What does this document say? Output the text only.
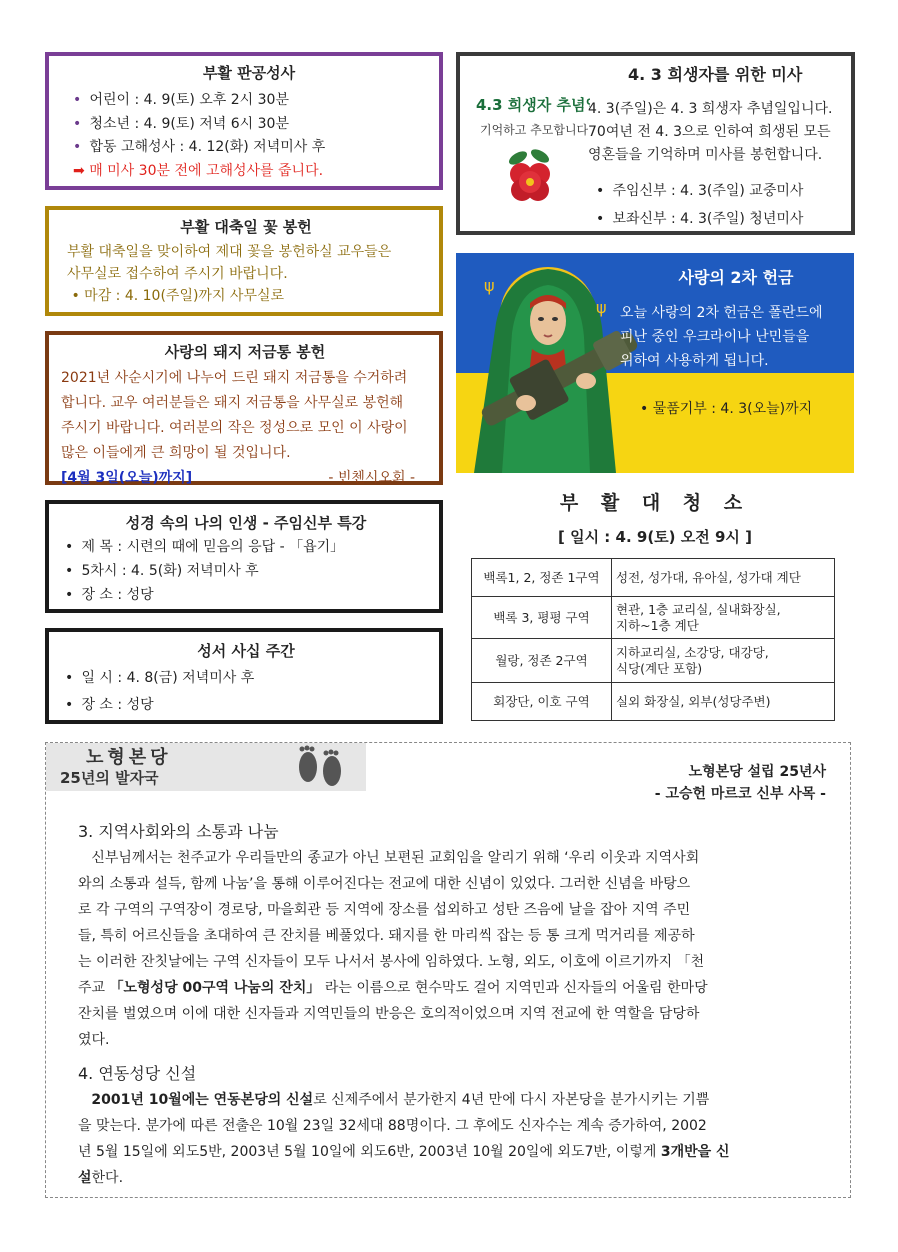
부활 판공성사
• 어린이 : 4. 9(토) 오후 2시 30분
• 청소년 : 4. 9(토) 저녁 6시 30분
• 합동 고해성사 : 4. 12(화) 저녁미사 후
➡ 매 미사 30분 전에 고해성사를 줍니다.
부활 대축일 꽃 봉헌
부활 대축일을 맞이하여 제대 꽃을 봉헌하실 교우들은
사무실로 접수하여 주시기 바랍니다.
• 마감 : 4. 10(주일)까지 사무실로
사랑의 돼지 저금통 봉헌
2021년 사순시기에 나누어 드린 돼지 저금통을 수거하려
합니다. 교우 여러분들은 돼지 저금통을 사무실로 봉헌해
주시기 바랍니다. 여러분의 작은 정성으로 모인 이 사랑이
많은 이들에게 큰 희망이 될 것입니다.
[4월 3일(오늘)까지]	- 빈첸시오회 -
성경 속의 나의 인생 - 주임신부 특강
• 제 목 : 시련의 때에 믿음의 응답 - 「욥기」
• 5차시 : 4. 5(화) 저녁미사 후
• 장 소 : 성당
성서 사십 주간
• 일 시 : 4. 8(금) 저녁미사 후
• 장 소 : 성당
4. 3 희생자를 위한 미사
4.3 희생자 추념일
기억하고 추모합니다
4. 3(주일)은 4. 3 희생자 추념일입니다.
70여년 전 4. 3으로 인하여 희생된 모든
영혼들을 기억하며 미사를 봉헌합니다.
• 주임신부 : 4. 3(주일) 교중미사
• 보좌신부 : 4. 3(주일) 청년미사
ψ
ψ
사랑의 2차 헌금
오늘 사랑의 2차 헌금은 폴란드에
피난 중인 우크라이나 난민들을
위하여 사용하게 됩니다.
• 물품기부 : 4. 3(오늘)까지
부 활 대 청 소
[ 일시 : 4. 9(토) 오전 9시 ]
백록1, 2, 정존 1구역	성전, 성가대, 유아실, 성가대 계단

백록 3, 평평 구역	현관, 1층 교리실, 실내화장실,
지하~1층 계단

월랑, 정존 2구역	지하교리실, 소강당, 대강당,
식당(계단 포함)

회장단, 이호 구역	실외 화장실, 외부(성당주변)
노형본당
25년의 발자국	노형본당 설립 25년사
- 고승헌 마르코 신부 사목 -
3. 지역사회와의 소통과 나눔
신부님께서는 천주교가 우리들만의 종교가 아닌 보편된 교회임을 알리기 위해 ‘우리 이웃과 지역사회
와의 소통과 설득, 함께 나눔’을 통해 이루어진다는 전교에 대한 신념이 있었다. 그러한 신념을 바탕으
로 각 구역의 구역장이 경로당, 마을회관 등 지역에 장소를 섭외하고 성탄 즈음에 날을 잡아 지역 주민
들, 특히 어르신들을 초대하여 큰 잔치를 베풀었다. 돼지를 한 마리씩 잡는 등 통 크게 먹거리를 제공하
는 이러한 잔칫날에는 구역 신자들이 모두 나서서 봉사에 임하였다. 노형, 외도, 이호에 이르기까지 「천
주교 「노형성당 00구역 나눔의 잔치」 라는 이름으로 현수막도 걸어 지역민과 신자들의 어울림 한마당
잔치를 벌였으며 이에 대한 신자들과 지역민들의 반응은 호의적이었으며 지역 전교에 한 역할을 담당하
였다.
4. 연동성당 신설
2001년 10월에는 연동본당의 신설로 신제주에서 분가한지 4년 만에 다시 자본당을 분가시키는 기쁨
을 맞는다. 분가에 따른 전출은 10월 23일 32세대 88명이다. 그 후에도 신자수는 계속 증가하여, 2002
년 5월 15일에 외도5반, 2003년 5월 10일에 외도6반, 2003년 10월 20일에 외도7반, 이렇게 3개반을 신
설한다.
